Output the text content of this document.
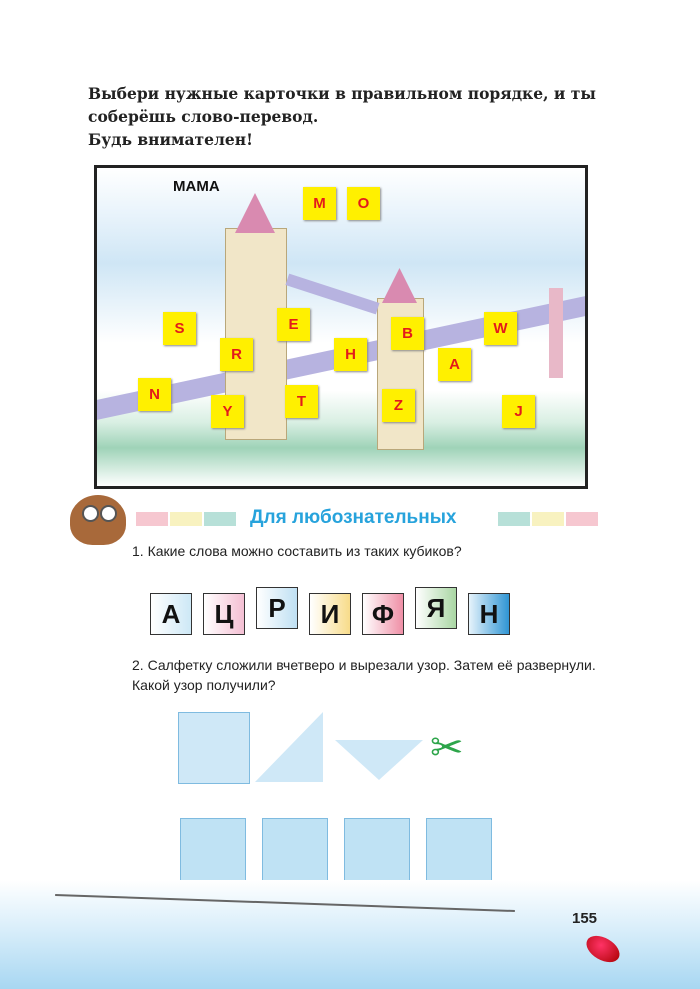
Выбери нужные карточки в правильном порядке, и ты соберёшь слово-перевод.

Будь внимателен!

МАМА
M	O
S	E
R	H
B	W
A
N
Y
T	Z	J
Для любознательных
1. Какие слова можно составить из таких кубиков?
А	Ц	Р	И	Ф	Я	Н
2. Салфетку сложили вчетверо и вырезали узор. Затем её развернули. Какой узор получили?
✂
155
